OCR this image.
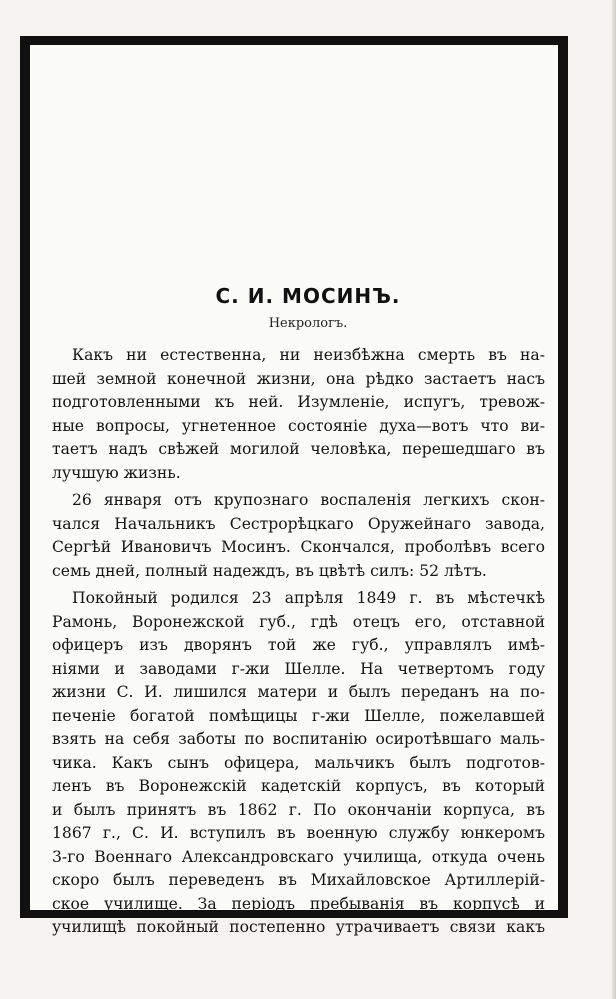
С. И. МОСИНЪ.
Некрологъ.
Какъ ни естественна, ни неизбѣжна смерть въ на-
шей земной конечной жизни, она рѣдко застаетъ насъ
подготовленными къ ней. Изумленіе, испугъ, тревож-
ные вопросы, угнетенное состояніе духа—вотъ что ви-
таетъ надъ свѣжей могилой человѣка, перешедшаго въ
лучшую жизнь.
26 января отъ крупознаго воспаленія легкихъ скон-
чался Начальникъ Сестрорѣцкаго Оружейнаго завода,
Сергѣй Ивановичъ Мосинъ. Скончался, проболѣвъ всего
семь дней, полный надеждъ, въ цвѣтѣ силъ: 52 лѣтъ.
Покойный родился 23 апрѣля 1849 г. въ мѣстечкѣ
Рамонь, Воронежской губ., гдѣ отецъ его, отставной
офицеръ изъ дворянъ той же губ., управлялъ имѣ-
ніями и заводами г-жи Шелле. На четвертомъ году
жизни С. И. лишился матери и былъ переданъ на по-
печеніе богатой помѣщицы г-жи Шелле, пожелавшей
взять на себя заботы по воспитанію осиротѣвшаго маль-
чика. Какъ сынъ офицера, мальчикъ былъ подготов-
ленъ въ Воронежскій кадетскій корпусъ, въ который
и былъ принятъ въ 1862 г. По окончаніи корпуса, въ
1867 г., С. И. вступилъ въ военную службу юнкеромъ
3-го Военнаго Александровскаго училища, откуда очень
скоро былъ переведенъ въ Михайловское Артиллерій-
ское училище. За періодъ пребыванія въ корпусѣ и
училищѣ покойный постепенно утрачиваетъ связи какъ
